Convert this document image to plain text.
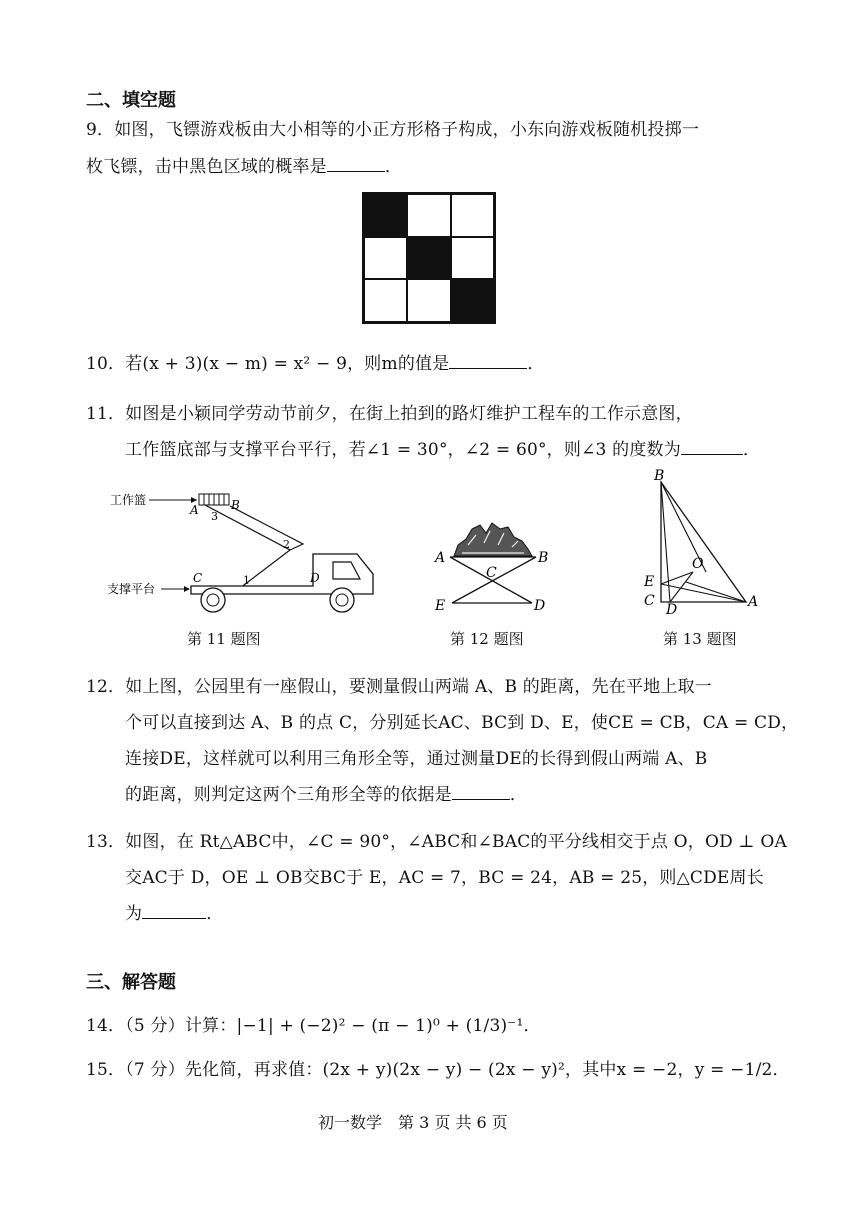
二、填空题
9．如图，飞镖游戏板由大小相等的小正方形格子构成，小东向游戏板随机投掷一
枚飞镖，击中黑色区域的概率是	．
10．若(x + 3)(x − m) = x² − 9，则m的值是	．
11．如图是小颖同学劳动节前夕，在街上拍到的路灯维护工程车的工作示意图，
工作篮底部与支撑平台平行，若∠1 = 30°，∠2 = 60°，则∠3 的度数为	．
工作篮
A	B
3
2
支撑平台
C	1	D
第 11 题图
A	B
C
E	D
第 12 题图
B
O
E
C
D	A
第 13 题图
12．如上图，公园里有一座假山，要测量假山两端 A、B 的距离，先在平地上取一
个可以直接到达 A、B 的点 C，分别延长AC、BC到 D、E，使CE = CB，CA = CD，
连接DE，这样就可以利用三角形全等，通过测量DE的长得到假山两端 A、B
的距离，则判定这两个三角形全等的依据是	．
13．如图，在 Rt△ABC中，∠C = 90°，∠ABC和∠BAC的平分线相交于点 O，OD ⊥ OA
交AC于 D，OE ⊥ OB交BC于 E，AC = 7，BC = 24，AB = 25，则△CDE周长
为	．
三、解答题
14．（5 分）计算：|−1| + (−2)² − (π − 1)⁰ + (1/3)⁻¹．
15．（7 分）先化简，再求值：(2x + y)(2x − y) − (2x − y)²，其中x = −2，y = −1/2．
初一数学　第 3 页 共 6 页
